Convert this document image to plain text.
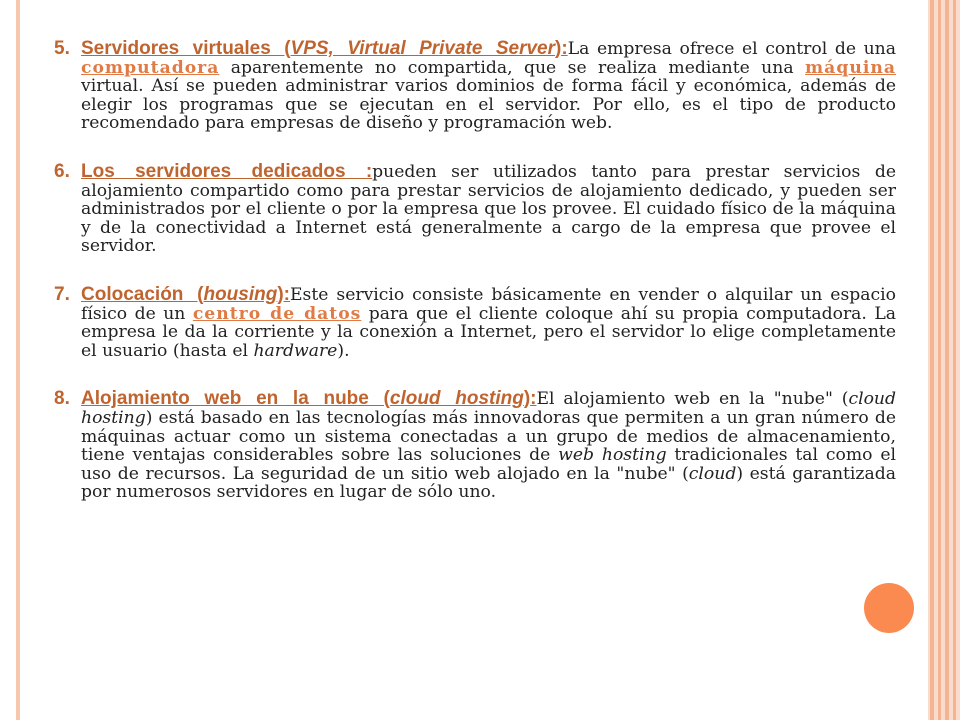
5. Servidores virtuales (VPS, Virtual Private Server):La empresa ofrece el control de una computadora aparentemente no compartida, que se realiza mediante una máquina virtual. Así se pueden administrar varios dominios de forma fácil y económica, además de elegir los programas que se ejecutan en el servidor. Por ello, es el tipo de producto recomendado para empresas de diseño y programación web.
6. Los servidores dedicados :pueden ser utilizados tanto para prestar servicios de alojamiento compartido como para prestar servicios de alojamiento dedicado, y pueden ser administrados por el cliente o por la empresa que los provee. El cuidado físico de la máquina y de la conectividad a Internet está generalmente a cargo de la empresa que provee el servidor.
7. Colocación (housing):Este servicio consiste básicamente en vender o alquilar un espacio físico de un centro de datos para que el cliente coloque ahí su propia computadora. La empresa le da la corriente y la conexión a Internet, pero el servidor lo elige completamente el usuario (hasta el hardware).
8. Alojamiento web en la nube (cloud hosting):El alojamiento web en la "nube" (cloud hosting) está basado en las tecnologías más innovadoras que permiten a un gran número de máquinas actuar como un sistema conectadas a un grupo de medios de almacenamiento, tiene ventajas considerables sobre las soluciones de web hosting tradicionales tal como el uso de recursos. La seguridad de un sitio web alojado en la "nube" (cloud) está garantizada por numerosos servidores en lugar de sólo uno.
